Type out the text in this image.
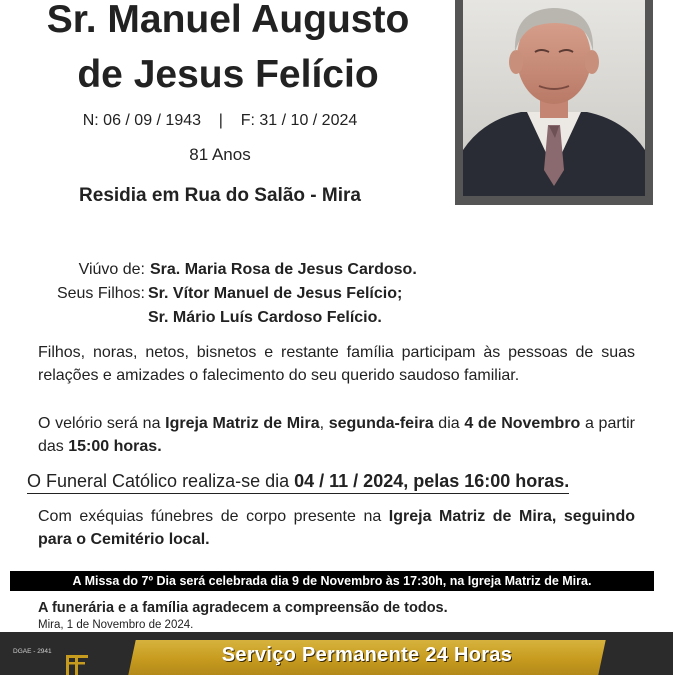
Sr. Manuel Augusto
de Jesus Felício
N: 06 / 09 / 1943    |    F: 31 / 10 / 2024
81 Anos
Residia em Rua do Salão - Mira
Viúvo de: Sra. Maria Rosa de Jesus Cardoso.
Seus Filhos: Sr. Vítor Manuel de Jesus Felício;
Sr. Mário Luís Cardoso Felício.
Filhos, noras, netos, bisnetos e restante família participam às pessoas de suas relações e amizades o falecimento do seu querido saudoso familiar.
O velório será na Igreja Matriz de Mira, segunda-feira dia 4 de Novembro a partir das 15:00 horas.
O Funeral Católico realiza-se dia 04 / 11 / 2024, pelas 16:00 horas.
Com exéquias fúnebres de corpo presente na Igreja Matriz de Mira, seguindo para o Cemitério local.
A Missa do 7º Dia será celebrada dia 9 de Novembro às 17:30h, na Igreja Matriz de Mira.
A funerária e a família agradecem a compreensão de todos.
Mira, 1 de Novembro de 2024.
Serviço Permanente 24 Horas
DGAE - 2941
